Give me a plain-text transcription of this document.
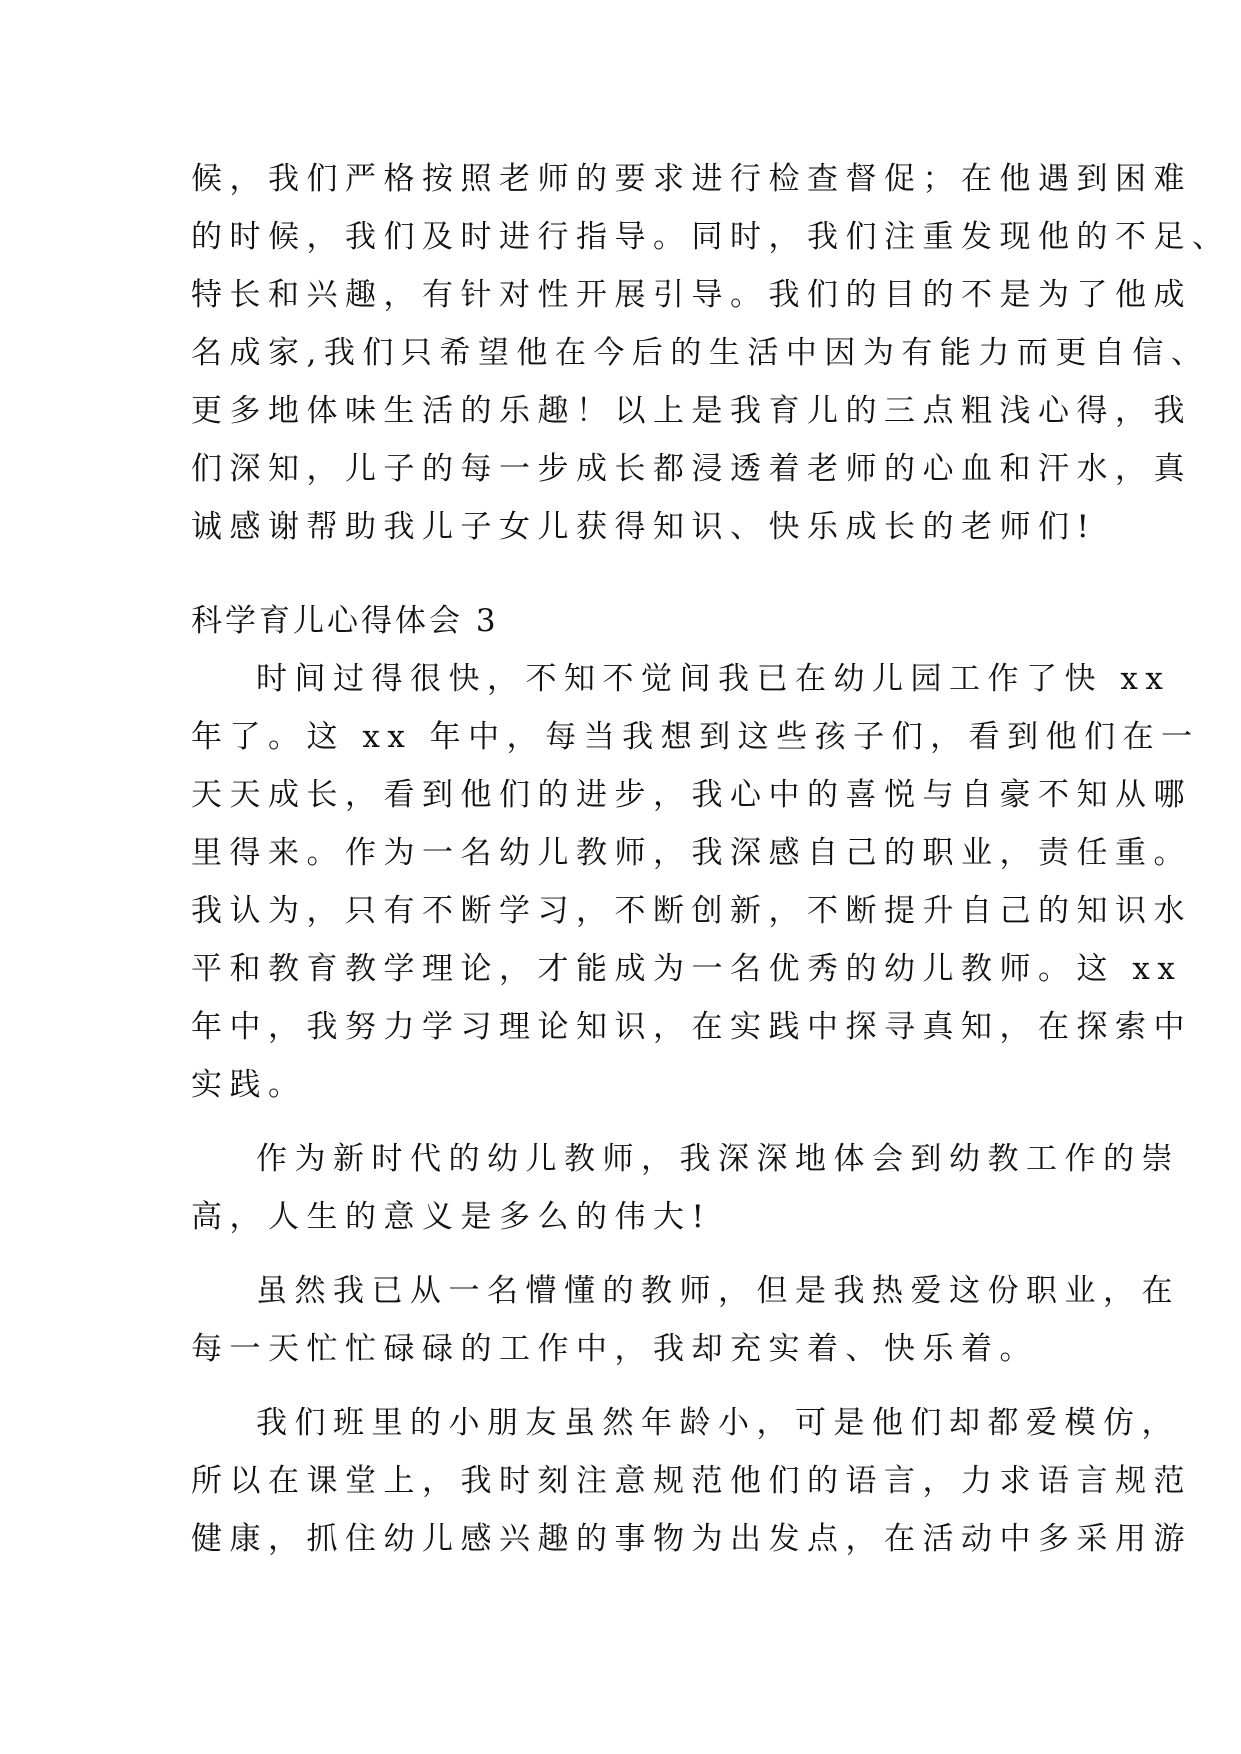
候，我们严格按照老师的要求进行检查督促；在他遇到困难
的时候，我们及时进行指导。同时，我们注重发现他的不足、
特长和兴趣，有针对性开展引导。我们的目的不是为了他成
名成家,我们只希望他在今后的生活中因为有能力而更自信、
更多地体味生活的乐趣！以上是我育儿的三点粗浅心得，我
们深知，儿子的每一步成长都浸透着老师的心血和汗水，真
诚感谢帮助我儿子女儿获得知识、快乐成长的老师们!
科学育儿心得体会 3
时间过得很快，不知不觉间我已在幼儿园工作了快 xx
年了。这 xx 年中，每当我想到这些孩子们，看到他们在一
天天成长，看到他们的进步，我心中的喜悦与自豪不知从哪
里得来。作为一名幼儿教师，我深感自己的职业，责任重。
我认为，只有不断学习，不断创新，不断提升自己的知识水
平和教育教学理论，才能成为一名优秀的幼儿教师。这 xx
年中，我努力学习理论知识，在实践中探寻真知，在探索中
实践。
作为新时代的幼儿教师，我深深地体会到幼教工作的崇
高，人生的意义是多么的伟大!
虽然我已从一名懵懂的教师，但是我热爱这份职业，在
每一天忙忙碌碌的工作中，我却充实着、快乐着。
我们班里的小朋友虽然年龄小，可是他们却都爱模仿，
所以在课堂上，我时刻注意规范他们的语言，力求语言规范
健康，抓住幼儿感兴趣的事物为出发点，在活动中多采用游
